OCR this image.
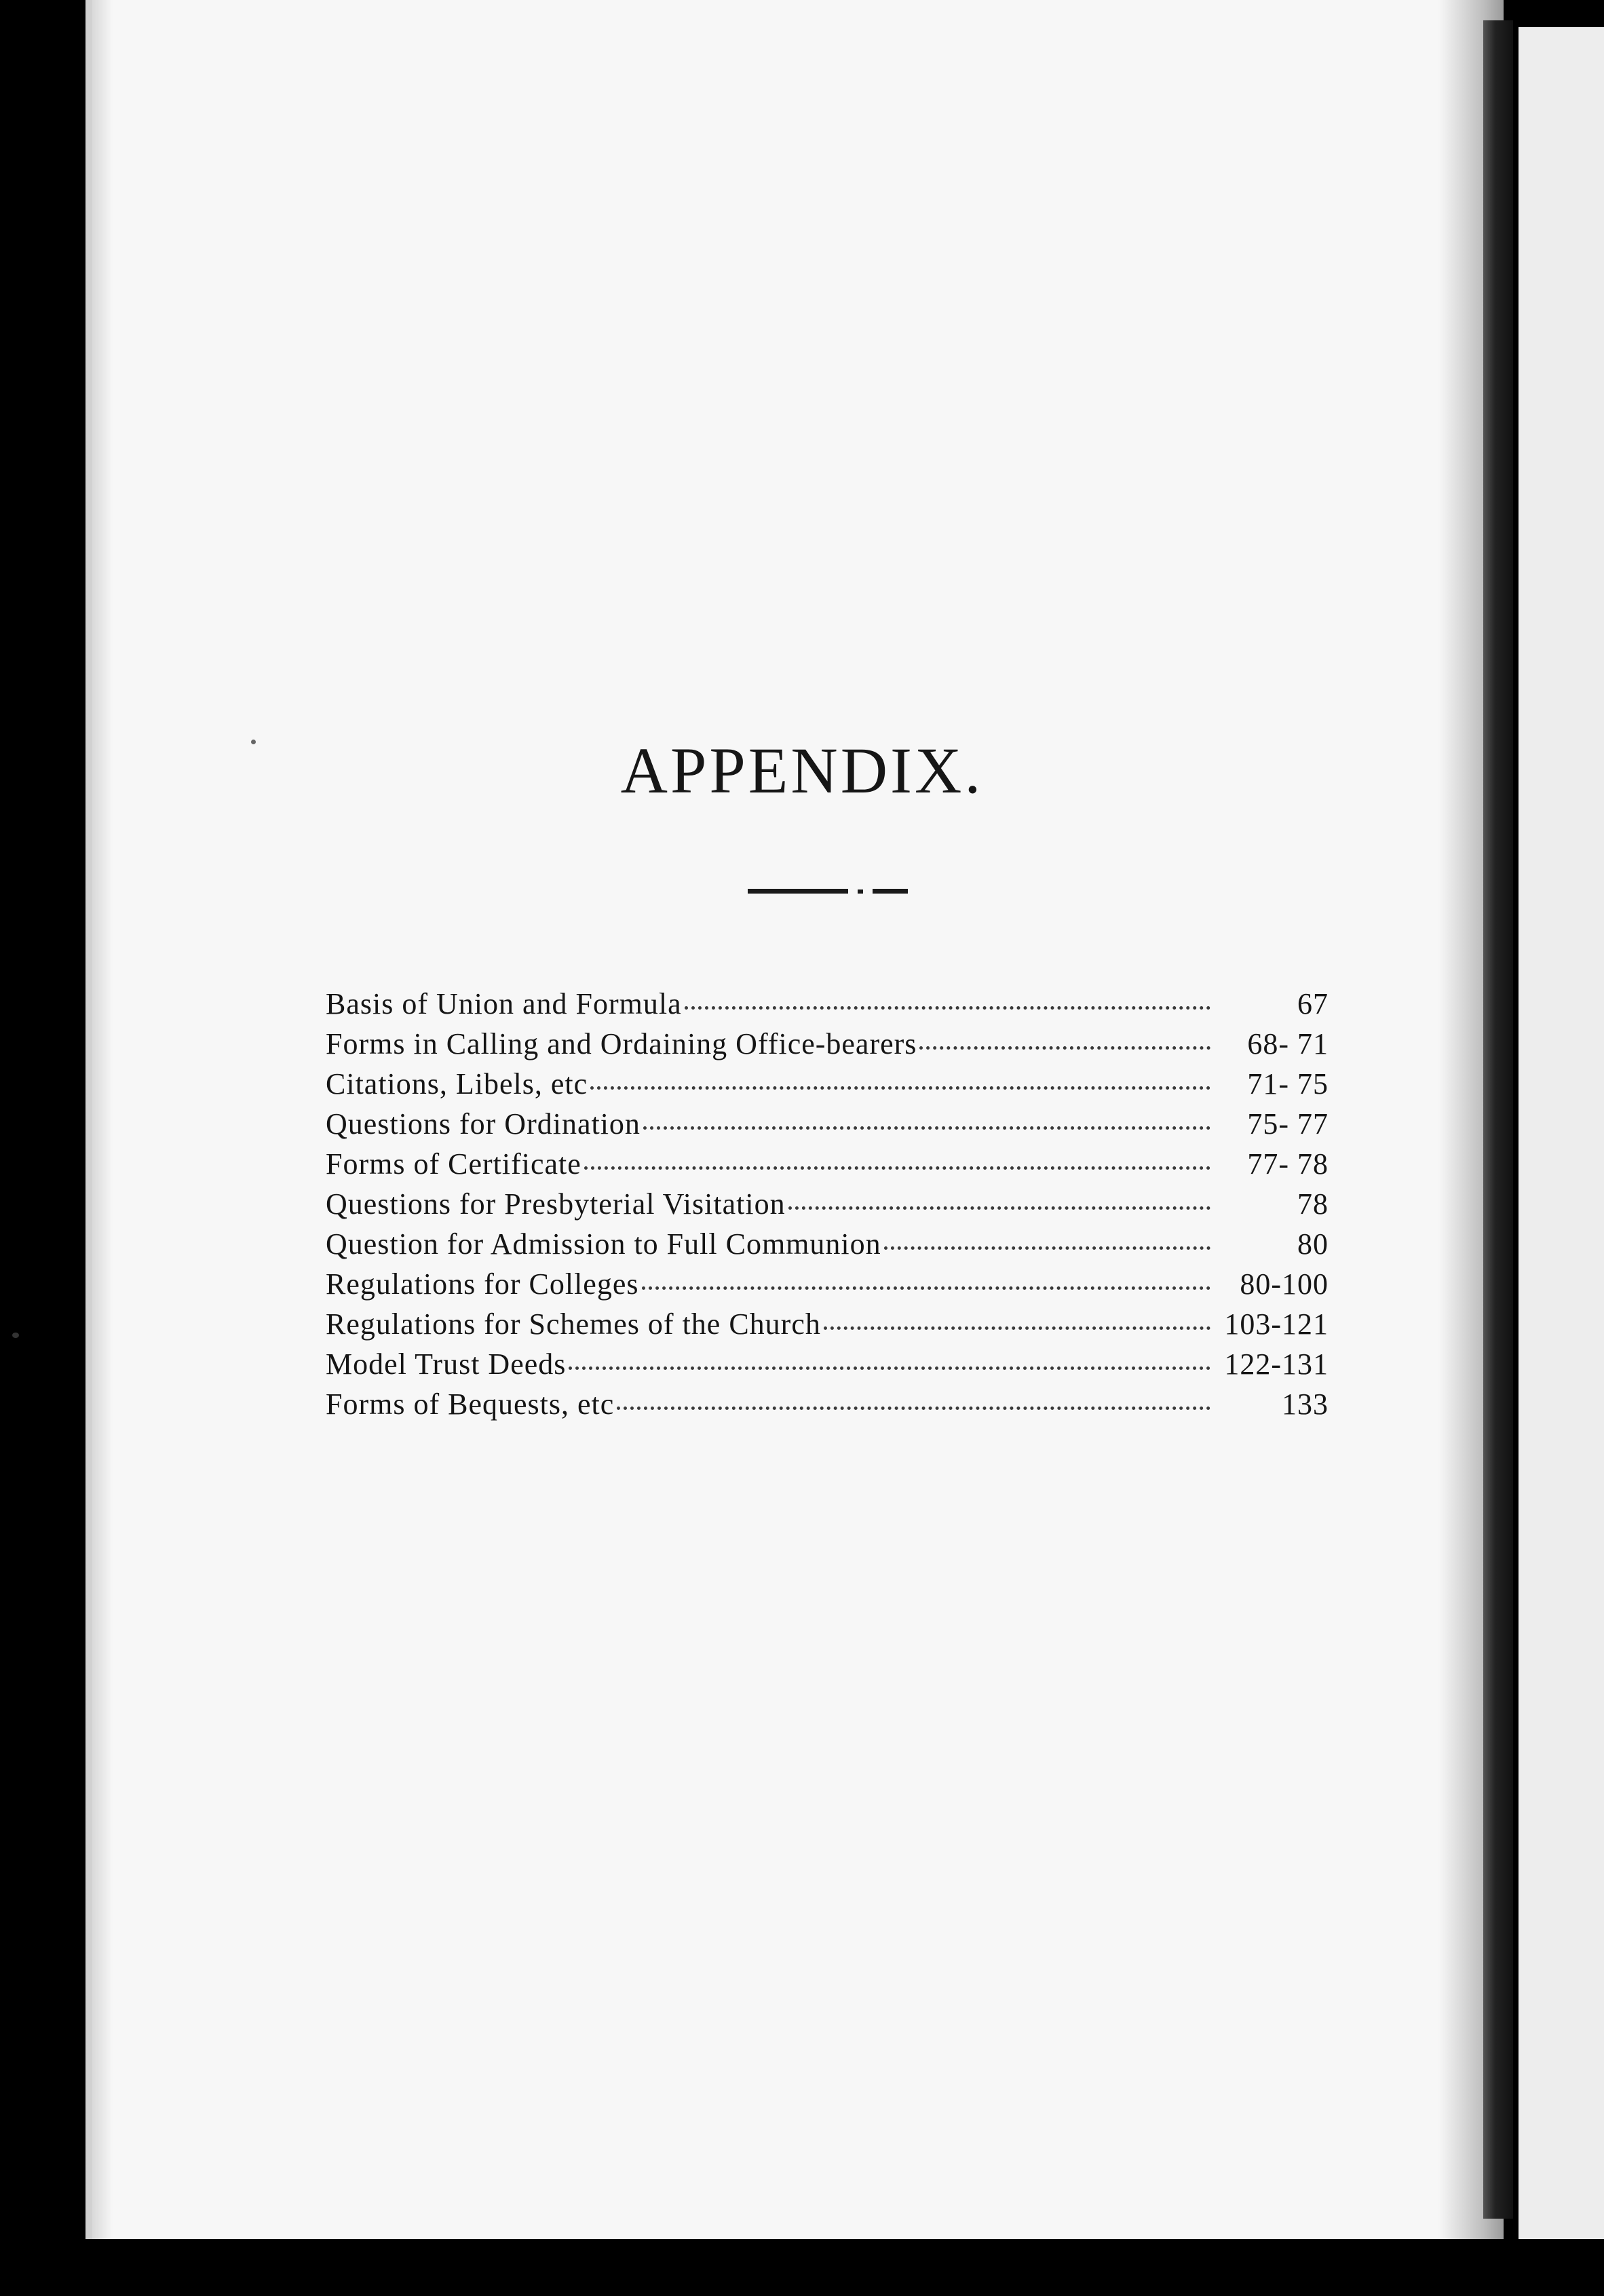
APPENDIX.
Basis of Union and Formula	67
Forms in Calling and Ordaining Office-bearers	68- 71
Citations, Libels, etc	71- 75
Questions for Ordination	75- 77
Forms of Certificate	77- 78
Questions for Presbyterial Visitation	78
Question for Admission to Full Communion	80
Regulations for Colleges	80-100
Regulations for Schemes of the Church	103-121
Model Trust Deeds	122-131
Forms of Bequests, etc	133
